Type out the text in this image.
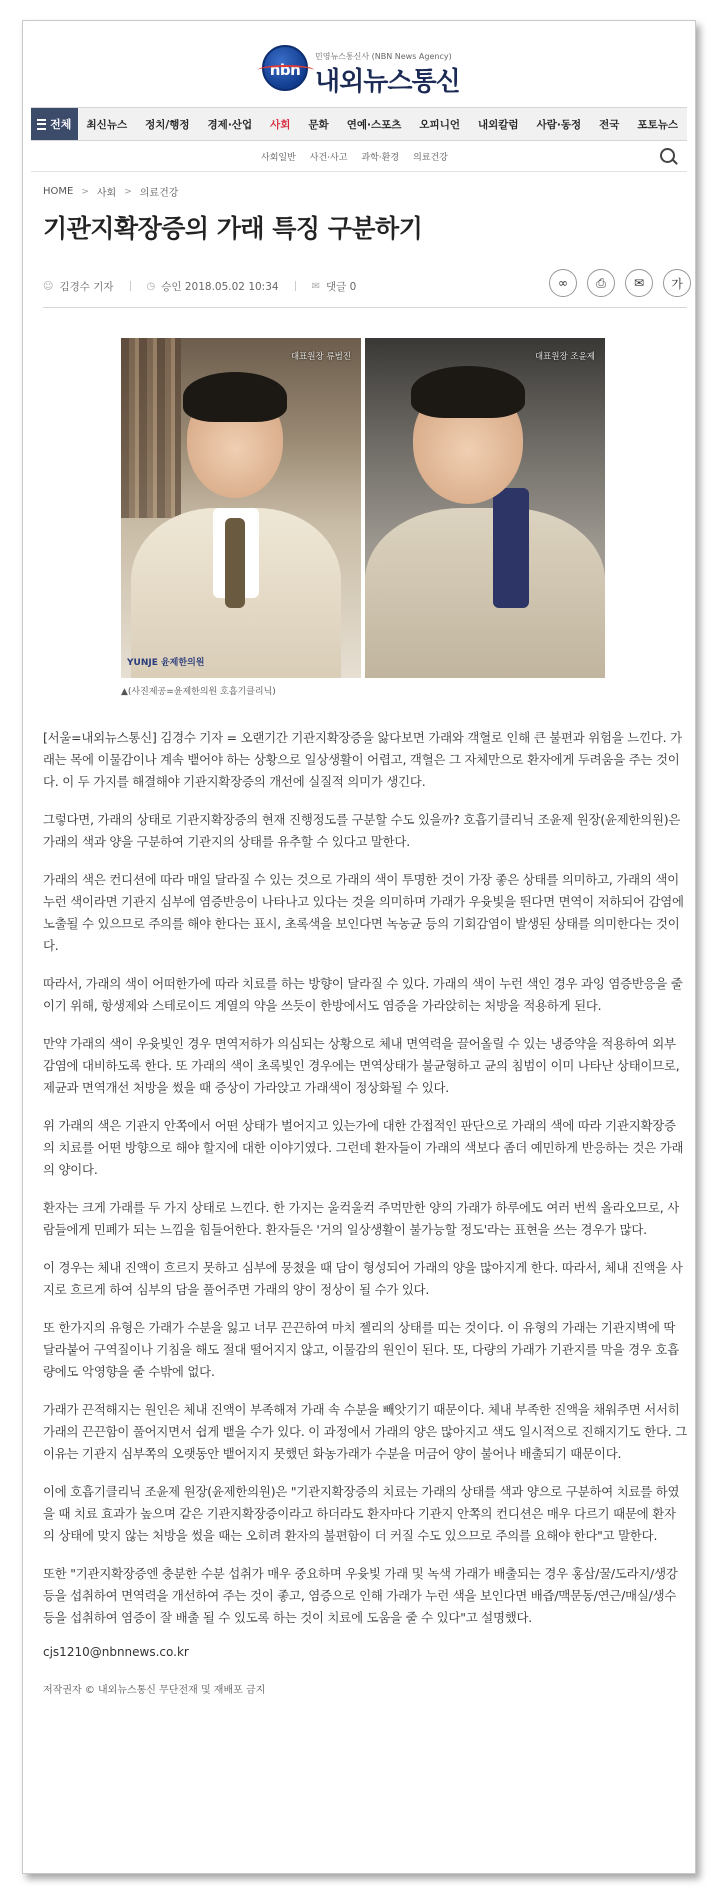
nbn
민영뉴스통신사 (NBN News Agency)
내외뉴스통신
전체	최신뉴스	정치/행정	경제·산업	사회	문화	연예·스포츠	오피니언	내외칼럼	사람·동정	전국	포토뉴스
사회일반	사건·사고	과학·환경	의료건강
HOME > 사회 > 의료건강
기관지확장증의 가래 특징 구분하기
☺ 김경수 기자	◷ 승인 2018.05.02 10:34	✉ 댓글 0	∞	⎙	✉	가
대표원장 류범진
YUNJE 윤제한의원
대표원장 조윤제
▲(사진제공=윤제한의원 호흡기클리닉)

[서울=내외뉴스통신] 김경수 기자 = 오랜기간 기관지확장증을 앓다보면 가래와 객혈로 인해 큰 불편과 위험을 느낀다. 가래는 목에 이물감이나 계속 뱉어야 하는 상황으로 일상생활이 어렵고, 객혈은 그 자체만으로 환자에게 두려움을 주는 것이다. 이 두 가지를 해결해야 기관지확장증의 개선에 실질적 의미가 생긴다.

그렇다면, 가래의 상태로 기관지확장증의 현재 진행정도를 구분할 수도 있을까? 호흡기클리닉 조윤제 원장(윤제한의원)은 가래의 색과 양을 구분하여 기관지의 상태를 유추할 수 있다고 말한다.

가래의 색은 컨디션에 따라 매일 달라질 수 있는 것으로 가래의 색이 투명한 것이 가장 좋은 상태를 의미하고, 가래의 색이 누런 색이라면 기관지 심부에 염증반응이 나타나고 있다는 것을 의미하며 가래가 우윳빛을 띈다면 면역이 저하되어 감염에 노출될 수 있으므로 주의를 해야 한다는 표시, 초록색을 보인다면 녹농균 등의 기회감염이 발생된 상태를 의미한다는 것이다.

따라서, 가래의 색이 어떠한가에 따라 치료를 하는 방향이 달라질 수 있다. 가래의 색이 누런 색인 경우 과잉 염증반응을 줄이기 위해, 항생제와 스테로이드 계열의 약을 쓰듯이 한방에서도 염증을 가라앉히는 처방을 적용하게 된다.

만약 가래의 색이 우윳빛인 경우 면역저하가 의심되는 상황으로 체내 면역력을 끌어올릴 수 있는 냉증약을 적용하여 외부감염에 대비하도록 한다. 또 가래의 색이 초록빛인 경우에는 면역상태가 불균형하고 균의 침범이 이미 나타난 상태이므로, 제균과 면역개선 처방을 썼을 때 증상이 가라앉고 가래색이 정상화될 수 있다.

위 가래의 색은 기관지 안쪽에서 어떤 상태가 벌어지고 있는가에 대한 간접적인 판단으로 가래의 색에 따라 기관지확장증의 치료를 어떤 방향으로 해야 할지에 대한 이야기였다. 그런데 환자들이 가래의 색보다 좀더 예민하게 반응하는 것은 가래의 양이다.

환자는 크게 가래를 두 가지 상태로 느낀다. 한 가지는 울컥울컥 주먹만한 양의 가래가 하루에도 여러 번씩 올라오므로, 사람들에게 민폐가 되는 느낌을 힘들어한다. 환자들은 '거의 일상생활이 불가능할 정도'라는 표현을 쓰는 경우가 많다.

이 경우는 체내 진액이 흐르지 못하고 심부에 뭉쳤을 때 담이 형성되어 가래의 양을 많아지게 한다. 따라서, 체내 진액을 사지로 흐르게 하여 심부의 담을 풀어주면 가래의 양이 정상이 될 수가 있다.

또 한가지의 유형은 가래가 수분을 잃고 너무 끈끈하여 마치 젤리의 상태를 띠는 것이다. 이 유형의 가래는 기관지벽에 딱 달라붙어 구역질이나 기침을 해도 절대 떨어지지 않고, 이물감의 원인이 된다. 또, 다량의 가래가 기관지를 막을 경우 호흡량에도 악영향을 줄 수밖에 없다.

가래가 끈적해지는 원인은 체내 진액이 부족해져 가래 속 수분을 빼앗기기 때문이다. 체내 부족한 진액을 채워주면 서서히 가래의 끈끈함이 풀어지면서 쉽게 뱉을 수가 있다. 이 과정에서 가래의 양은 많아지고 색도 일시적으로 진해지기도 한다. 그 이유는 기관지 심부쪽의 오랫동안 뱉어지지 못했던 화농가래가 수분을 머금어 양이 불어나 배출되기 때문이다.

이에 호흡기클리닉 조윤제 원장(윤제한의원)은 "기관지확장증의 치료는 가래의 상태를 색과 양으로 구분하여 치료를 하였을 때 치료 효과가 높으며 같은 기관지확장증이라고 하더라도 환자마다 기관지 안쪽의 컨디션은 매우 다르기 때문에 환자의 상태에 맞지 않는 처방을 썼을 때는 오히려 환자의 불편함이 더 커질 수도 있으므로 주의를 요해야 한다"고 말한다.

또한 "기관지확장증엔 충분한 수분 섭취가 매우 중요하며 우윳빛 가래 및 녹색 가래가 배출되는 경우 홍삼/꿀/도라지/생강 등을 섭취하여 면역력을 개선하여 주는 것이 좋고, 염증으로 인해 가래가 누런 색을 보인다면 배즙/맥문동/연근/매실/생수 등을 섭취하여 염증이 잘 배출 될 수 있도록 하는 것이 치료에 도움을 줄 수 있다"고 설명했다.

cjs1210@nbnnews.co.kr
저작권자 © 내외뉴스통신 무단전재 및 재배포 금지
